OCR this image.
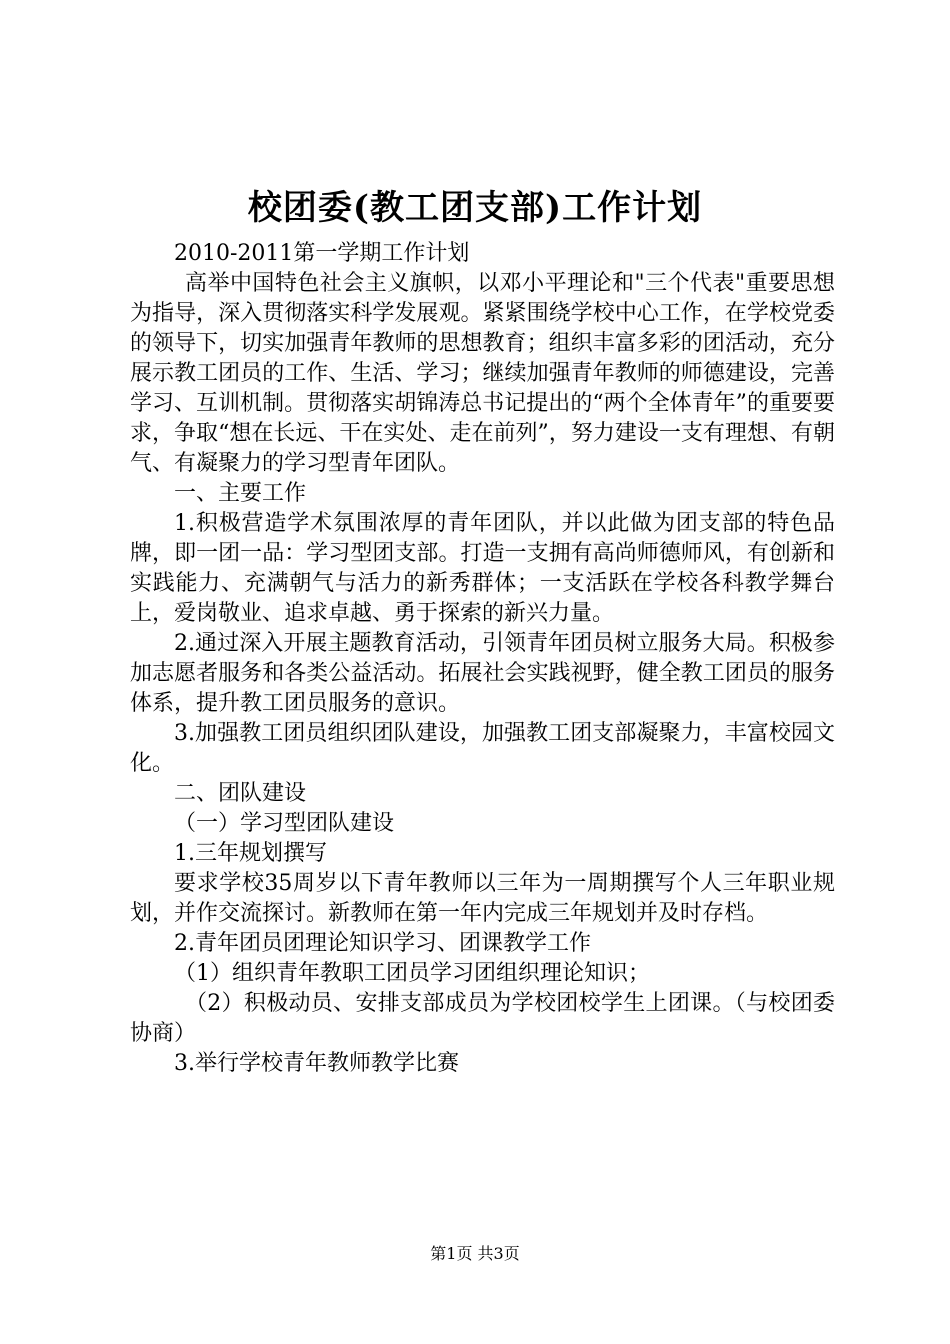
校团委(教工团支部)工作计划

2010-2011第一学期工作计划

高举中国特色社会主义旗帜，以邓小平理论和"三个代表"重要思想为指导，深入贯彻落实科学发展观。紧紧围绕学校中心工作，在学校党委的领导下，切实加强青年教师的思想教育；组织丰富多彩的团活动，充分展示教工团员的工作、生活、学习；继续加强青年教师的师德建设，完善学习、互训机制。贯彻落实胡锦涛总书记提出的“两个全体青年”的重要要求，争取“想在长远、干在实处、走在前列”，努力建设一支有理想、有朝气、有凝聚力的学习型青年团队。

一、主要工作

1.积极营造学术氛围浓厚的青年团队，并以此做为团支部的特色品牌，即一团一品：学习型团支部。打造一支拥有高尚师德师风，有创新和实践能力、充满朝气与活力的新秀群体；一支活跃在学校各科教学舞台上，爱岗敬业、追求卓越、勇于探索的新兴力量。

2.通过深入开展主题教育活动，引领青年团员树立服务大局。积极参加志愿者服务和各类公益活动。拓展社会实践视野，健全教工团员的服务体系，提升教工团员服务的意识。

3.加强教工团员组织团队建设，加强教工团支部凝聚力，丰富校园文化。

二、团队建设

（一）学习型团队建设

1.三年规划撰写

要求学校35周岁以下青年教师以三年为一周期撰写个人三年职业规划，并作交流探讨。新教师在第一年内完成三年规划并及时存档。

2.青年团员团理论知识学习、团课教学工作

（1）组织青年教职工团员学习团组织理论知识；

（2）积极动员、安排支部成员为学校团校学生上团课。（与校团委协商）

3.举行学校青年教师教学比赛

第1页 共3页
